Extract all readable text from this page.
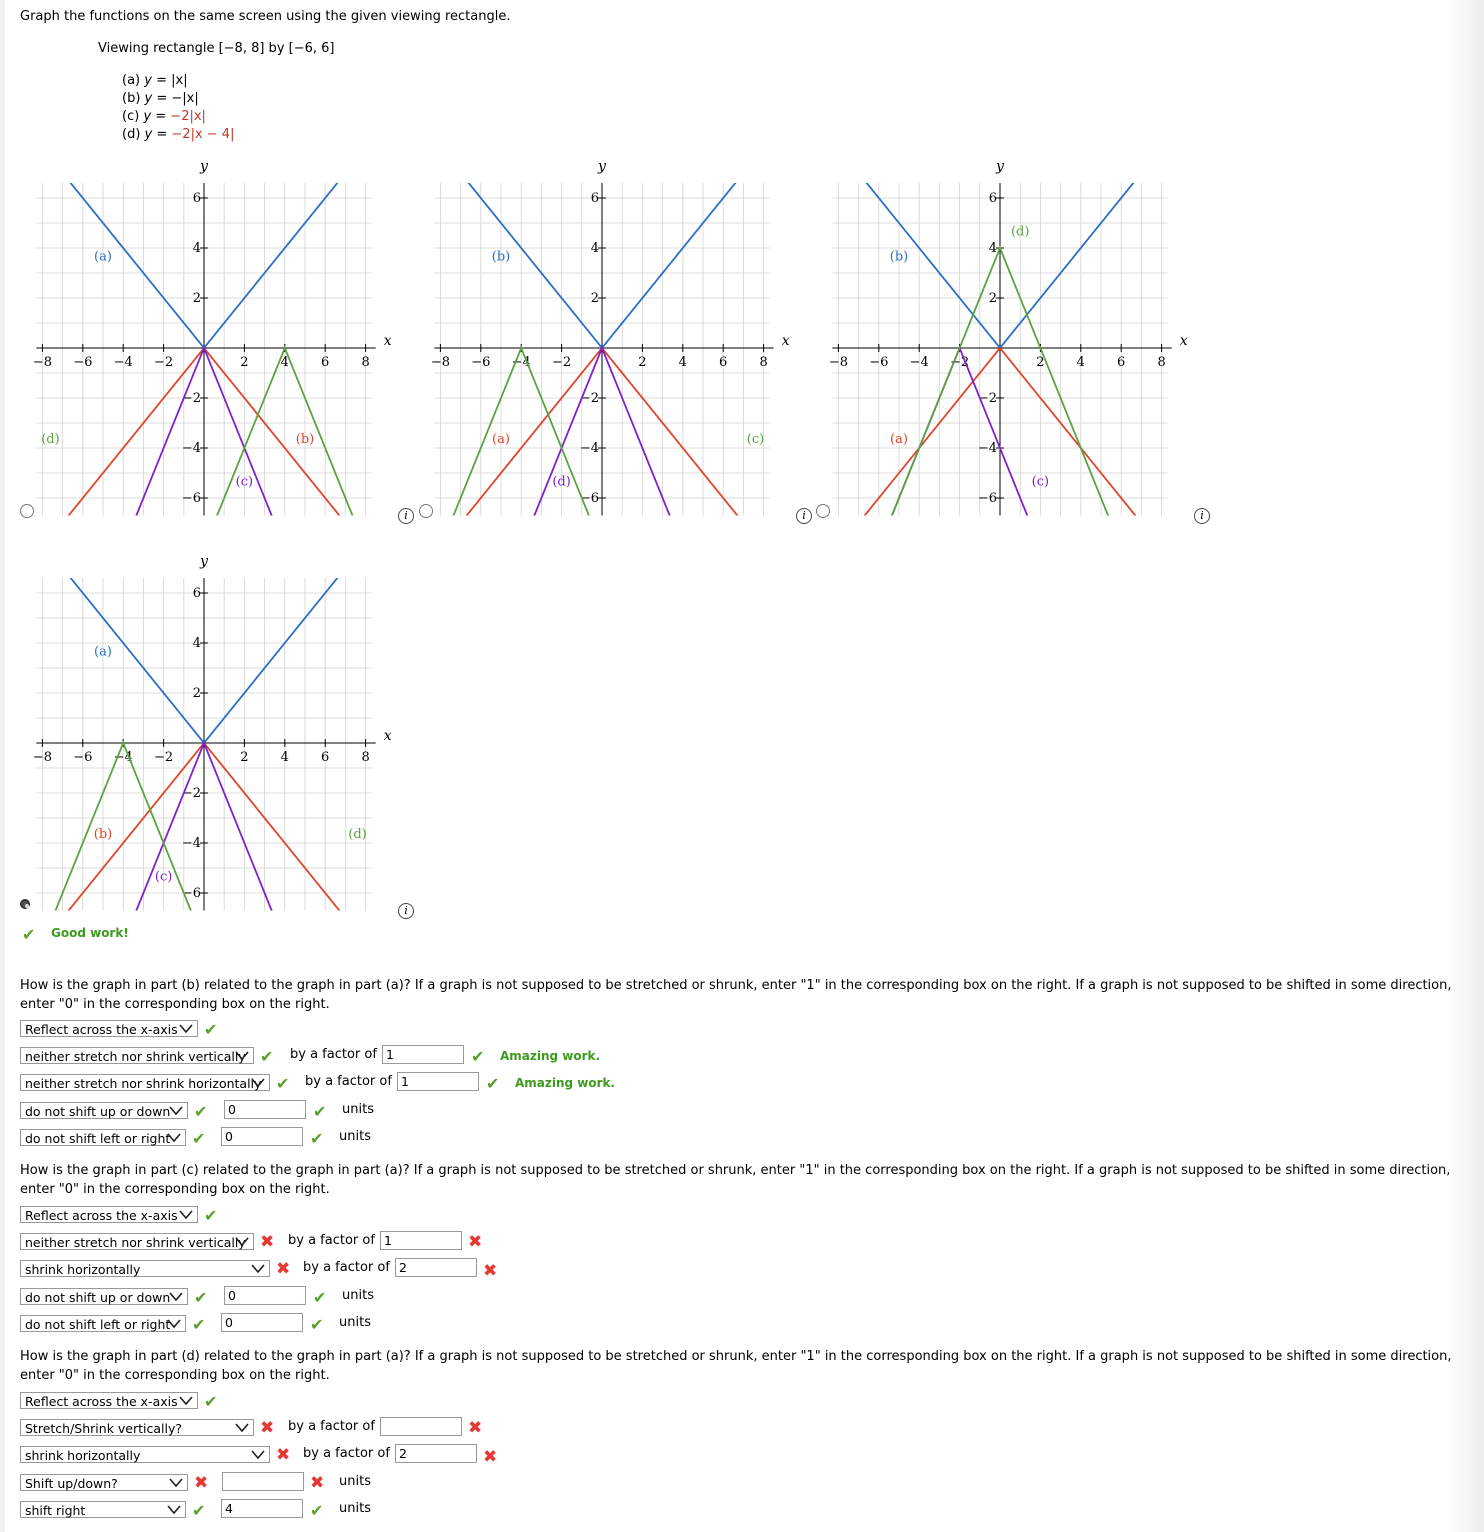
Graph the functions on the same screen using the given viewing rectangle.
Viewing rectangle [−8, 8] by [−6, 6]
(a) y = |x|
(b) y = −|x|
(c) y = −2|x|
(d) y = −2|x − 4|
−8 −6 −4 −2	2 4 6 8
6
4
2
−2
−4
−6
x
y
(a)
(d)	(b)
(c)
−8 −6 −4 −2	2 4 6 8
6
4
2
−2
−4
−6
x
y
(b)
(a)
(d)
(c)
−8 −6 −4 −2	2 4 6 8
6
4
2
−2
−4
−6
x
y
(b)
(a)
(c)
(d)
−8 −6 −4 −2	2 4 6 8
6
4
2
−2
−4
−6
x
y
(a)
(b)
(c)
(d)
i	i	i
i
✔ Good work!
How is the graph in part (b) related to the graph in part (a)? If a graph is not supposed to be stretched or shrunk, enter "1" in the corresponding box on the right. If a graph is not supposed to be shifted in some direction, enter "0" in the corresponding box on the right.
Reflect across the x-axis	✔
neither stretch nor shrink vertically ✔ by a factor of 1	✔ Amazing work.
neither stretch nor shrink horizontally ✔ by a factor of 1	✔ Amazing work.
do not shift up or down	✔	0	✔ units
do not shift left or right	✔	0	✔ units
How is the graph in part (c) related to the graph in part (a)? If a graph is not supposed to be stretched or shrunk, enter "1" in the corresponding box on the right. If a graph is not supposed to be shifted in some direction, enter "0" in the corresponding box on the right.
Reflect across the x-axis	✔
neither stretch nor shrink vertically ✖ by a factor of 1	✖
shrink horizontally	✖ by a factor of 2	✖
do not shift up or down	✔	0	✔ units
do not shift left or right	✔	0	✔ units
How is the graph in part (d) related to the graph in part (a)? If a graph is not supposed to be stretched or shrunk, enter "1" in the corresponding box on the right. If a graph is not supposed to be shifted in some direction, enter "0" in the corresponding box on the right.
Reflect across the x-axis	✔
Stretch/Shrink vertically?	✖ by a factor of	✖
shrink horizontally	✖ by a factor of 2	✖
Shift up/down?	✖	✖ units
shift right	✔	4	✔ units
